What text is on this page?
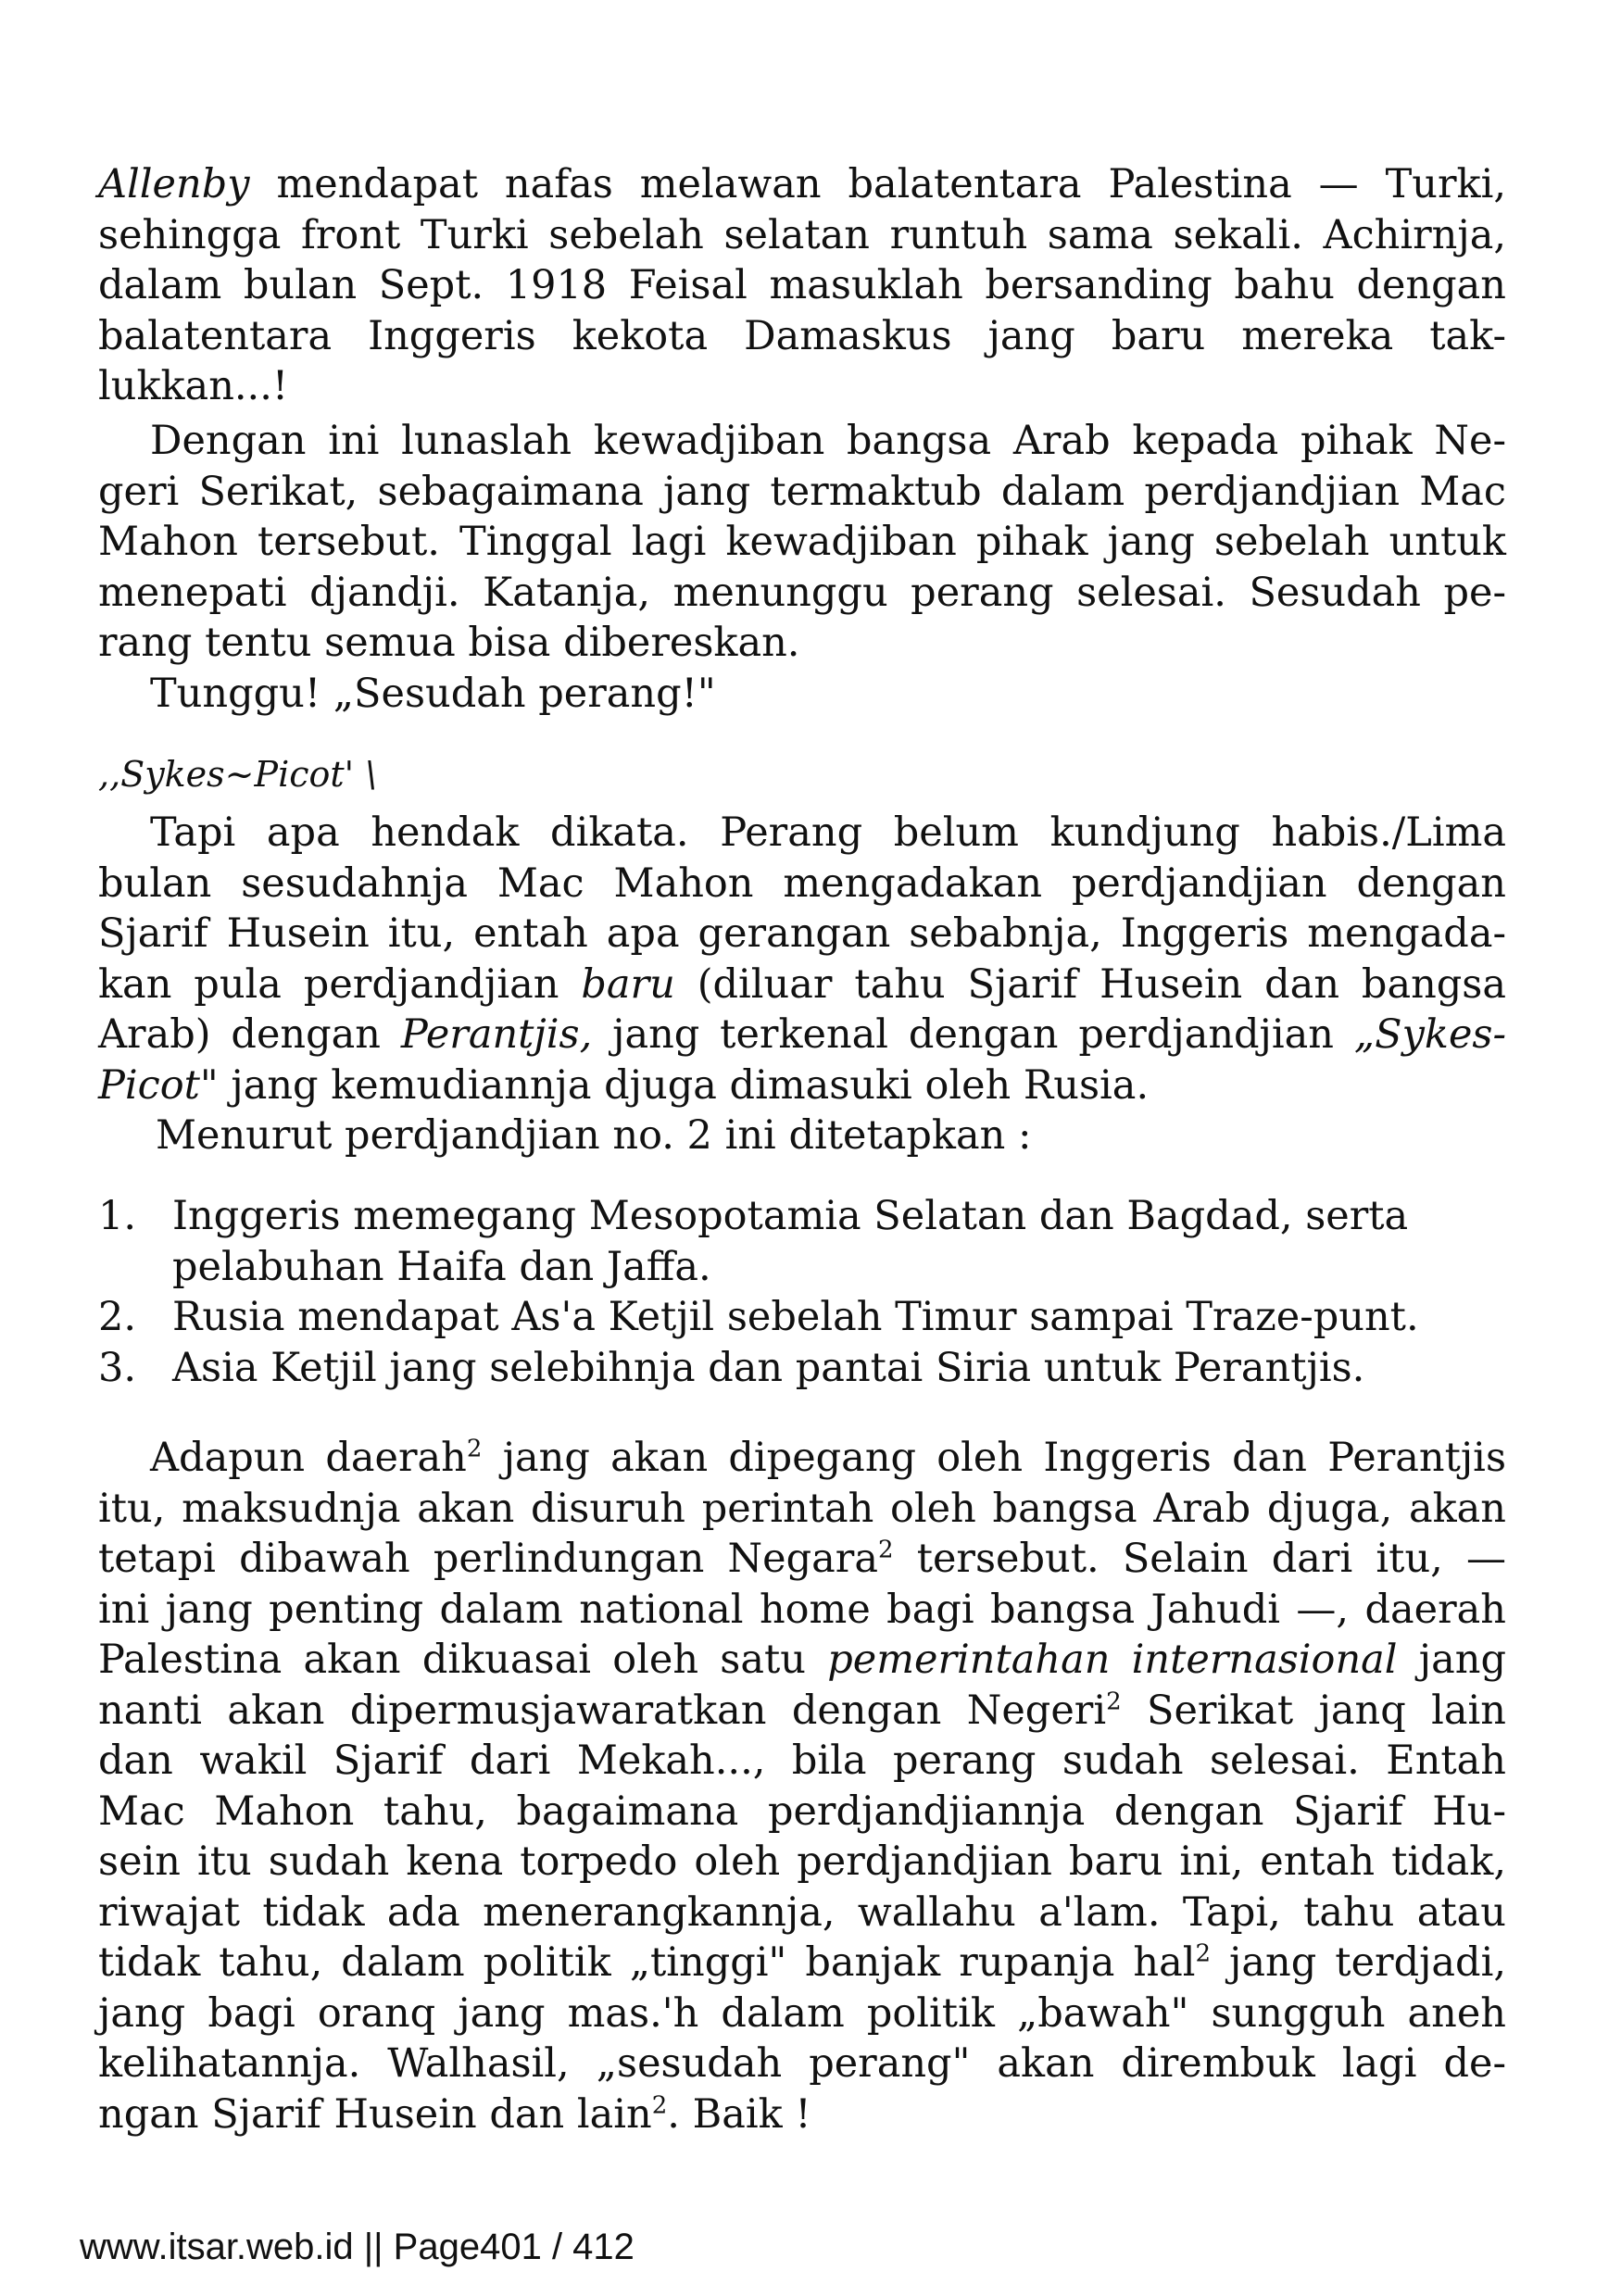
Allenby mendapat nafas melawan balatentara Palestina — Turki,
sehingga front Turki sebelah selatan runtuh sama sekali. Achirnja,
dalam bulan Sept. 1918 Feisal masuklah bersanding bahu dengan
balatentara Inggeris kekota Damaskus jang baru mereka tak-
lukkan...!
Dengan ini lunaslah kewadjiban bangsa Arab kepada pihak Ne-
geri Serikat, sebagaimana jang termaktub dalam perdjandjian Mac
Mahon tersebut. Tinggal lagi kewadjiban pihak jang sebelah untuk
menepati djandji. Katanja, menunggu perang selesai. Sesudah pe-
rang tentu semua bisa dibereskan.
Tunggu! „Sesudah perang!"
,,Sykes~Picot' \
Tapi apa hendak dikata. Perang belum kundjung habis./Lima
bulan sesudahnja Mac Mahon mengadakan perdjandjian dengan
Sjarif Husein itu, entah apa gerangan sebabnja, Inggeris mengada-
kan pula perdjandjian baru (diluar tahu Sjarif Husein dan bangsa
Arab) dengan Perantjis, jang terkenal dengan perdjandjian „Sykes-
Picot" jang kemudiannja djuga dimasuki oleh Rusia.
Menurut perdjandjian no. 2 ini ditetapkan :
1. Inggeris memegang Mesopotamia Selatan dan Bagdad, serta
pelabuhan Haifa dan Jaffa.
2. Rusia mendapat As'a Ketjil sebelah Timur sampai Traze-punt.
3. Asia Ketjil jang selebihnja dan pantai Siria untuk Perantjis.
Adapun daerah$^2$ jang akan dipegang oleh Inggeris dan Perantjis
itu, maksudnja akan disuruh perintah oleh bangsa Arab djuga, akan
tetapi dibawah perlindungan Negara$^2$ tersebut. Selain dari itu, —
ini jang penting dalam national home bagi bangsa Jahudi —, daerah
Palestina akan dikuasai oleh satu pemerintahan internasional jang
nanti akan dipermusjawaratkan dengan Negeri$^2$ Serikat janq lain
dan wakil Sjarif dari Mekah..., bila perang sudah selesai. Entah
Mac Mahon tahu, bagaimana perdjandjiannja dengan Sjarif Hu-
sein itu sudah kena torpedo oleh perdjandjian baru ini, entah tidak,
riwajat tidak ada menerangkannja, wallahu a'lam. Tapi, tahu atau
tidak tahu, dalam politik „tinggi" banjak rupanja hal$^2$ jang terdjadi,
jang bagi oranq jang mas.'h dalam politik „bawah" sungguh aneh
kelihatannja. Walhasil, „sesudah perang" akan dirembuk lagi de-
ngan Sjarif Husein dan lain$^2$. Baik !
www.itsar.web.id || Page401 / 412
